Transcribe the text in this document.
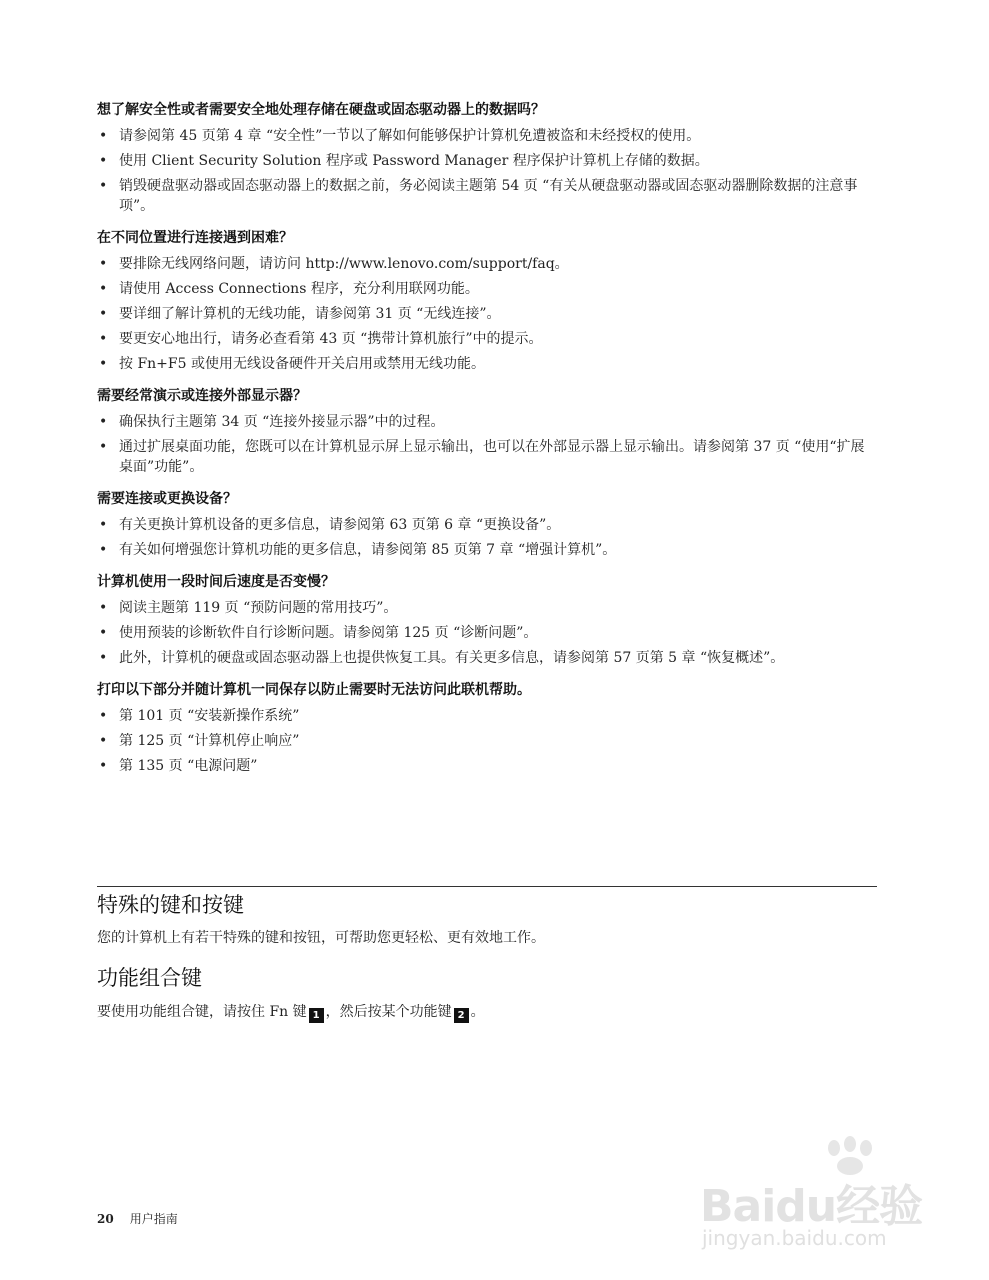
想了解安全性或者需要安全地处理存储在硬盘或固态驱动器上的数据吗？
• 请参阅第 45 页第 4 章 “安全性”一节以了解如何能够保护计算机免遭被盗和未经授权的使用。
• 使用 Client Security Solution 程序或 Password Manager 程序保护计算机上存储的数据。
• 销毁硬盘驱动器或固态驱动器上的数据之前，务必阅读主题第 54 页 “有关从硬盘驱动器或固态驱动器删除数据的注意事项”。
在不同位置进行连接遇到困难？
• 要排除无线网络问题，请访问 http://www.lenovo.com/support/faq。
• 请使用 Access Connections 程序，充分利用联网功能。
• 要详细了解计算机的无线功能，请参阅第 31 页 “无线连接”。
• 要更安心地出行，请务必查看第 43 页 “携带计算机旅行”中的提示。
• 按 Fn+F5 或使用无线设备硬件开关启用或禁用无线功能。
需要经常演示或连接外部显示器？
• 确保执行主题第 34 页 “连接外接显示器”中的过程。
• 通过扩展桌面功能，您既可以在计算机显示屏上显示输出，也可以在外部显示器上显示输出。请参阅第 37 页 “使用“扩展桌面”功能”。
需要连接或更换设备？
• 有关更换计算机设备的更多信息，请参阅第 63 页第 6 章 “更换设备”。
• 有关如何增强您计算机功能的更多信息，请参阅第 85 页第 7 章 “增强计算机”。
计算机使用一段时间后速度是否变慢？
• 阅读主题第 119 页 “预防问题的常用技巧”。
• 使用预装的诊断软件自行诊断问题。请参阅第 125 页 “诊断问题”。
• 此外，计算机的硬盘或固态驱动器上也提供恢复工具。有关更多信息，请参阅第 57 页第 5 章 “恢复概述”。
打印以下部分并随计算机一同保存以防止需要时无法访问此联机帮助。
• 第 101 页 “安装新操作系统”
• 第 125 页 “计算机停止响应”
• 第 135 页 “电源问题”
特殊的键和按键

您的计算机上有若干特殊的键和按钮，可帮助您更轻松、更有效地工作。

功能组合键

要使用功能组合键，请按住 Fn 键 1 ，然后按某个功能键 2 。

20 用户指南	Baidu经验
jingyan.baidu.com
